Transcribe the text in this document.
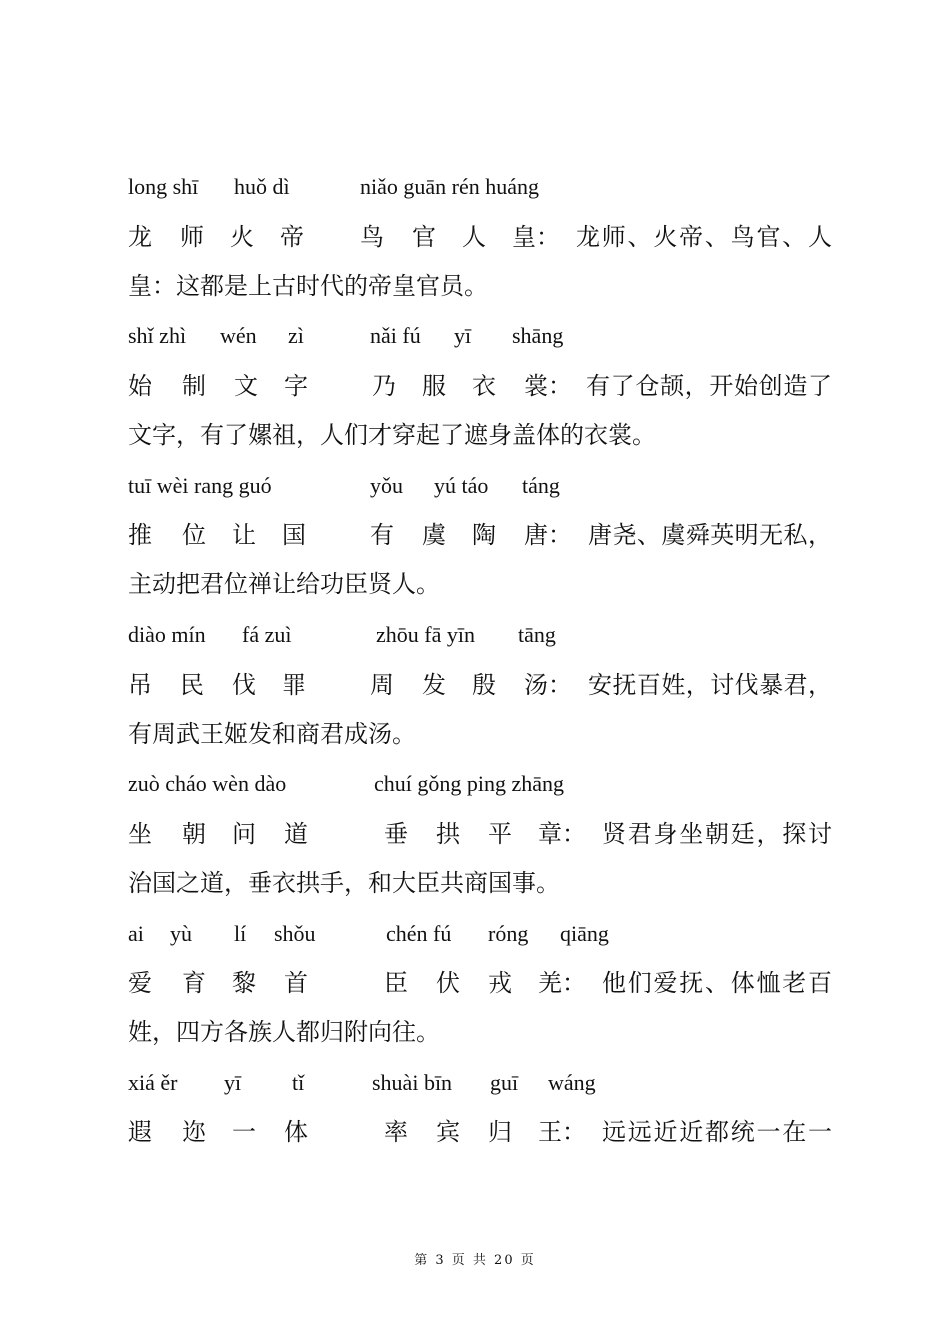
long shī huǒ dì	niǎo guān rén huáng
龙 师 火 帝 鸟 官 人 皇： 龙师、火帝、鸟官、人
皇：这都是上古时代的帝皇官员。
shǐ zhì wén zì	nǎi fú yī shāng
始 制 文 字	乃 服 衣 裳： 有了仓颉，开始创造了
文字，有了嫘祖，人们才穿起了遮身盖体的衣裳。
tuī wèi rang guó	yǒu yú táo táng
推 位 让 国	有 虞 陶 唐： 唐尧、虞舜英明无私，
主动把君位禅让给功臣贤人。
diào mín fá zuì	zhōu fā yīn tāng
吊 民 伐 罪	周 发 殷 汤： 安抚百姓，讨伐暴君，
有周武王姬发和商君成汤。
zuò cháo wèn dào	chuí gǒng ping zhāng
坐 朝 问 道	垂 拱 平 章： 贤君身坐朝廷，探讨
治国之道，垂衣拱手，和大臣共商国事。
ai yù lí shǒu	chén fú róng qiāng
爱 育 黎 首	臣 伏 戎 羌： 他们爱抚、体恤老百
姓，四方各族人都归附向往。
xiá ěr yī tǐ	shuài bīn guī wáng
遐 迩 一 体	率 宾 归 王： 远远近近都统一在一
第 3 页 共 20 页
